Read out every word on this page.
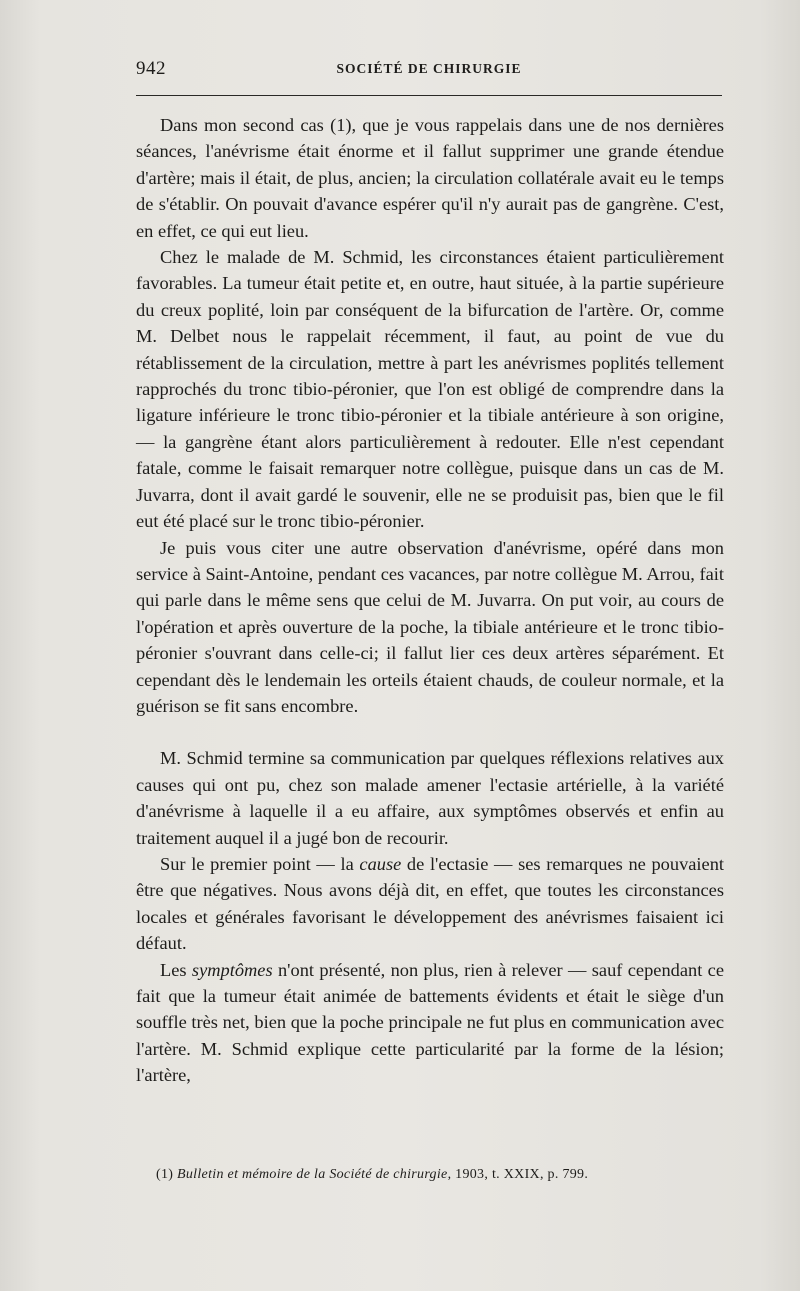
942	SOCIÉTÉ DE CHIRURGIE

Dans mon second cas (1), que je vous rappelais dans une de nos dernières séances, l'anévrisme était énorme et il fallut supprimer une grande étendue d'artère; mais il était, de plus, ancien; la circulation collatérale avait eu le temps de s'établir. On pouvait d'avance espérer qu'il n'y aurait pas de gangrène. C'est, en effet, ce qui eut lieu.

Chez le malade de M. Schmid, les circonstances étaient particulièrement favorables. La tumeur était petite et, en outre, haut située, à la partie supérieure du creux poplité, loin par conséquent de la bifurcation de l'artère. Or, comme M. Delbet nous le rappelait récemment, il faut, au point de vue du rétablissement de la circulation, mettre à part les anévrismes poplités tellement rapprochés du tronc tibio-péronier, que l'on est obligé de comprendre dans la ligature inférieure le tronc tibio-péronier et la tibiale antérieure à son origine, — la gangrène étant alors particulièrement à redouter. Elle n'est cependant fatale, comme le faisait remarquer notre collègue, puisque dans un cas de M. Juvarra, dont il avait gardé le souvenir, elle ne se produisit pas, bien que le fil eut été placé sur le tronc tibio-péronier.

Je puis vous citer une autre observation d'anévrisme, opéré dans mon service à Saint-Antoine, pendant ces vacances, par notre collègue M. Arrou, fait qui parle dans le même sens que celui de M. Juvarra. On put voir, au cours de l'opération et après ouverture de la poche, la tibiale antérieure et le tronc tibio-péronier s'ouvrant dans celle-ci; il fallut lier ces deux artères séparément. Et cependant dès le lendemain les orteils étaient chauds, de couleur normale, et la guérison se fit sans encombre.

M. Schmid termine sa communication par quelques réflexions relatives aux causes qui ont pu, chez son malade amener l'ectasie artérielle, à la variété d'anévrisme à laquelle il a eu affaire, aux symptômes observés et enfin au traitement auquel il a jugé bon de recourir.

Sur le premier point — la cause de l'ectasie — ses remarques ne pouvaient être que négatives. Nous avons déjà dit, en effet, que toutes les circonstances locales et générales favorisant le développement des anévrismes faisaient ici défaut.

Les symptômes n'ont présenté, non plus, rien à relever — sauf cependant ce fait que la tumeur était animée de battements évidents et était le siège d'un souffle très net, bien que la poche principale ne fut plus en communication avec l'artère. M. Schmid explique cette particularité par la forme de la lésion; l'artère,

(1) Bulletin et mémoire de la Société de chirurgie, 1903, t. XXIX, p. 799.
